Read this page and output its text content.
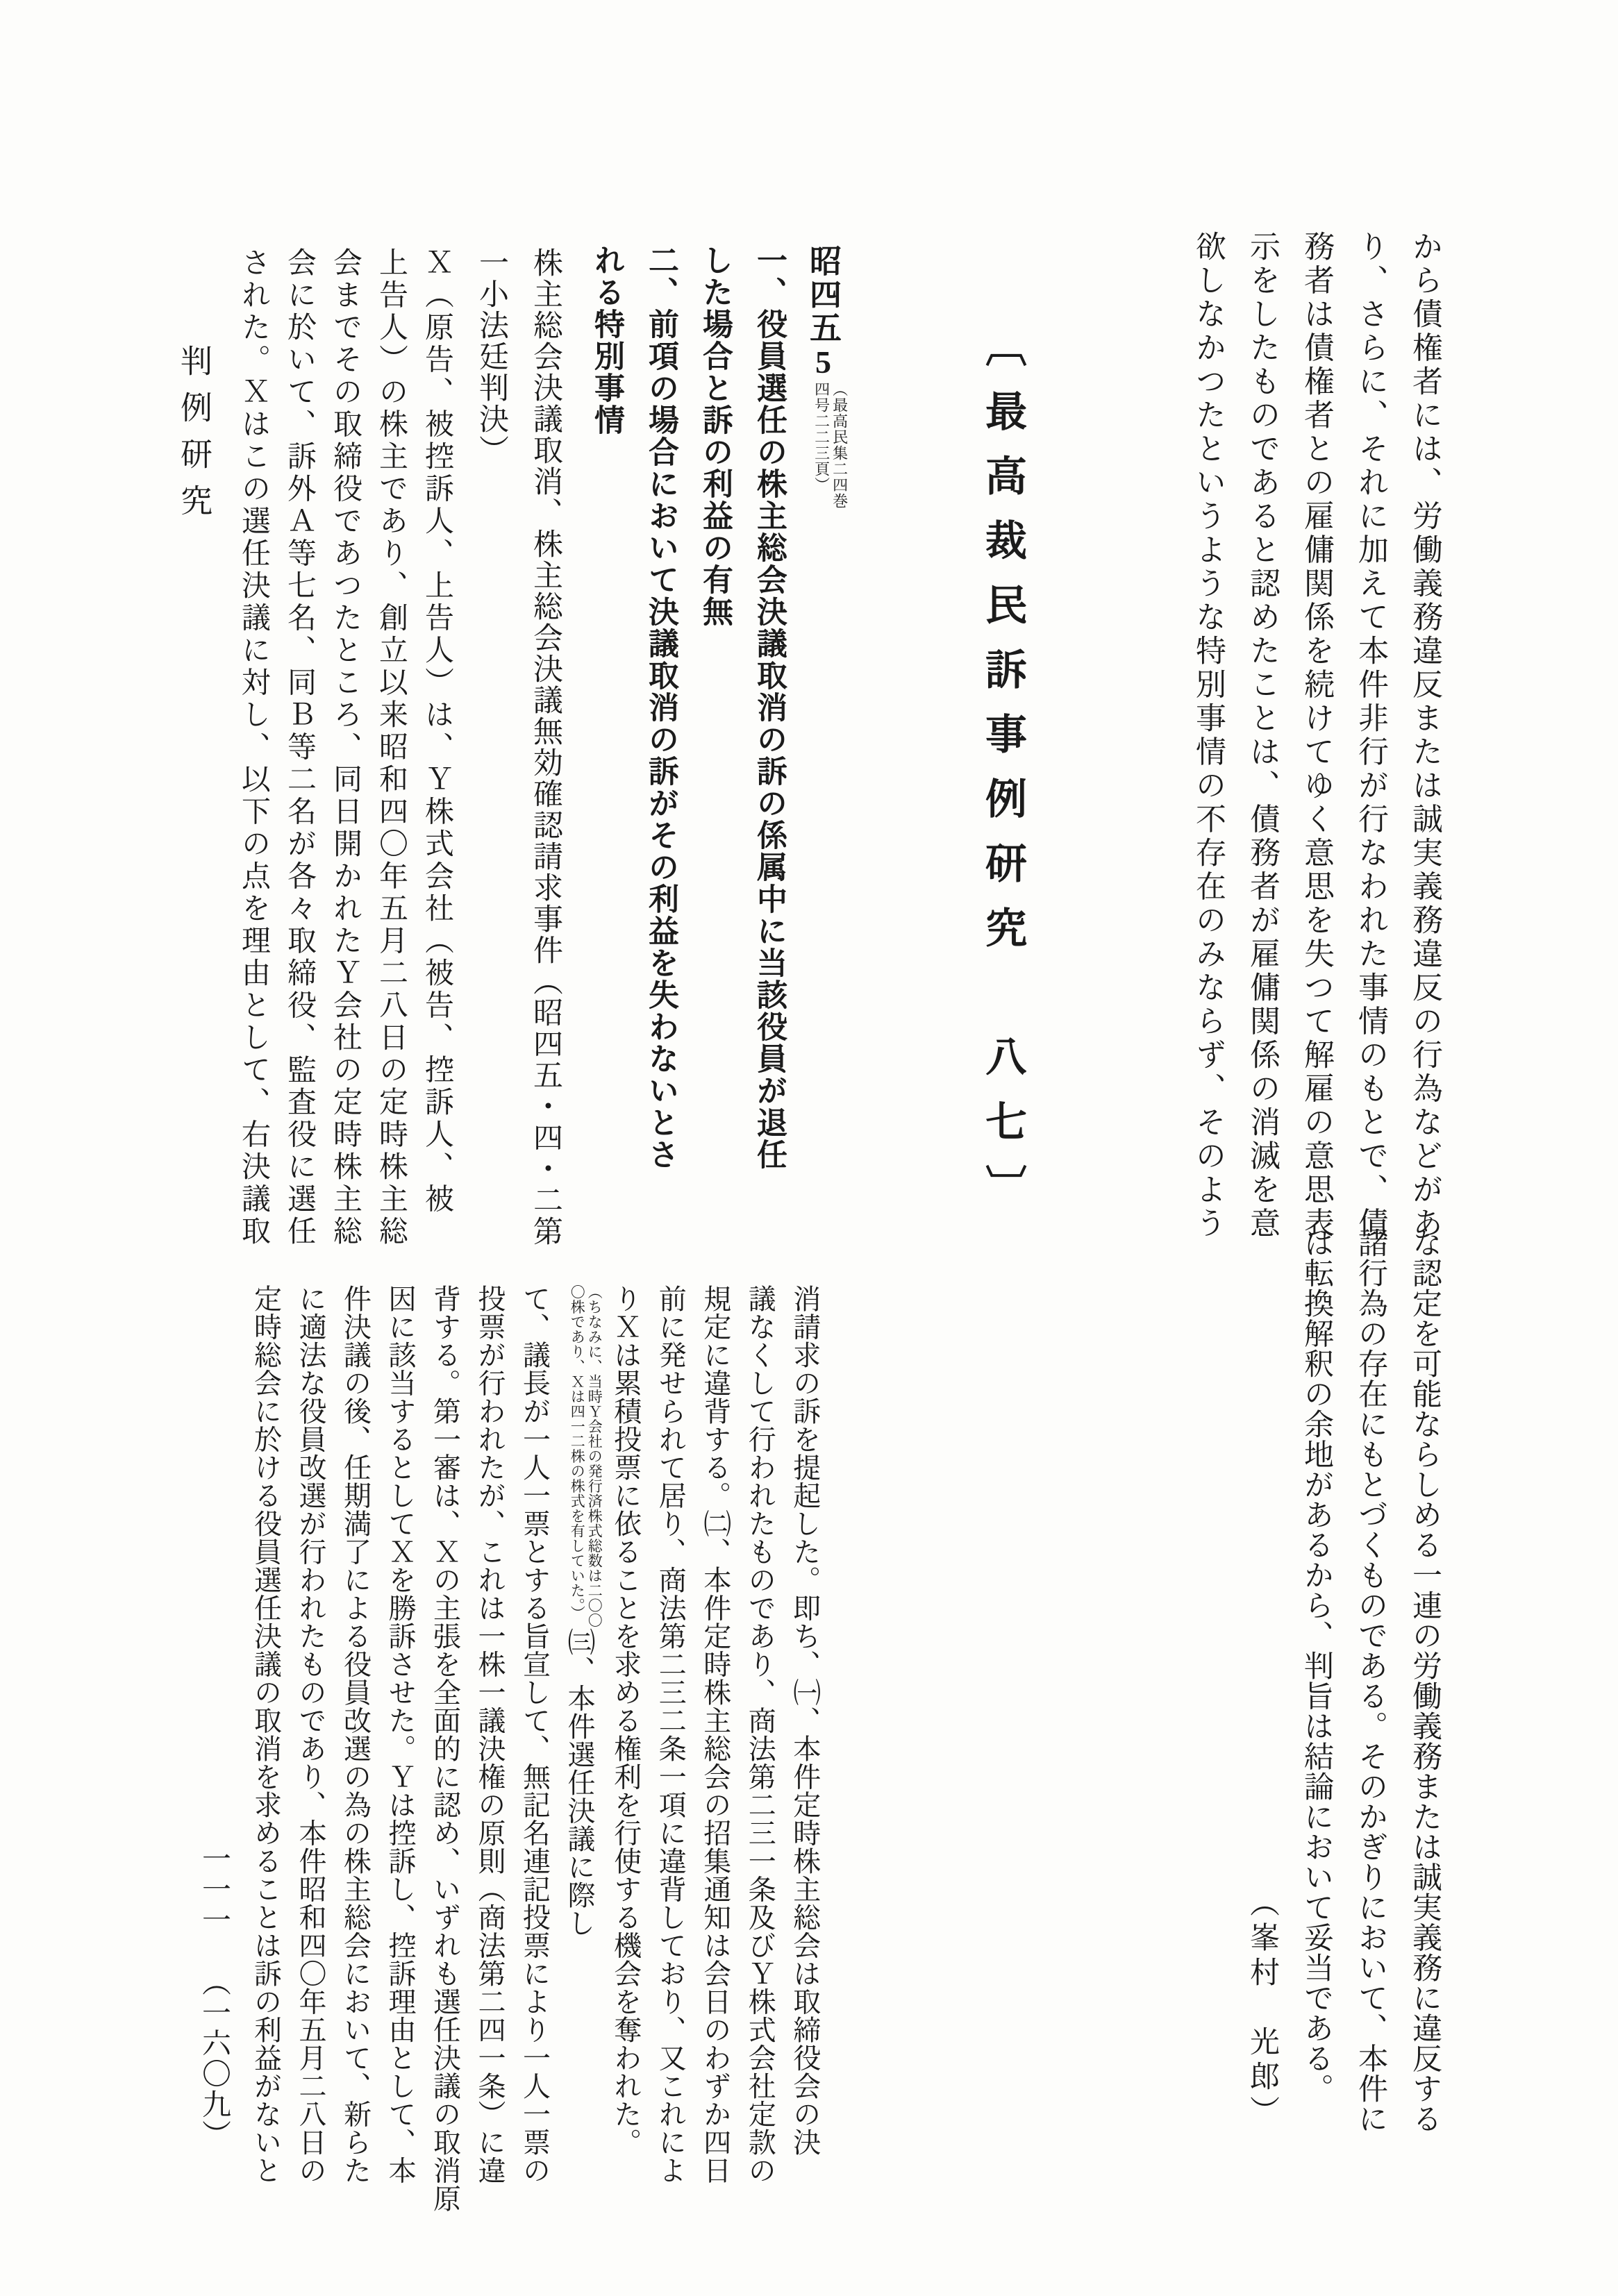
から債権者には、労働義務違反または誠実義務違反の行為などがあ
り、さらに、それに加えて本件非行が行なわれた事情のもとで、債
務者は債権者との雇傭関係を続けてゆく意思を失つて解雇の意思表
示をしたものであると認めたことは、債務者が雇傭関係の消滅を意
欲しなかつたというような特別事情の不存在のみならず、そのよう
な認定を可能ならしめる一連の労働義務または誠実義務に違反する
諸行為の存在にもとづくものである。そのかぎりにおいて、本件に
は転換解釈の余地があるから、判旨は結論において妥当である。
（峯村　光郎）
〔最高裁民訴事例研究　八七〕
昭四五5
（最高民集二四巻
四号二二三頁）
一、役員選任の株主総会決議取消の訴の係属中に当該役員が退任
した場合と訴の利益の有無
二、前項の場合において決議取消の訴がその利益を失わないとさ
れる特別事情
株主総会決議取消、株主総会決議無効確認請求事件（昭四五・四・二第
一小法廷判決）
Ｘ（原告、被控訴人、上告人）は、Ｙ株式会社（被告、控訴人、被
上告人）の株主であり、創立以来昭和四〇年五月二八日の定時株主総
会までその取締役であつたところ、同日開かれたＹ会社の定時株主総
会に於いて、訴外Ａ等七名、同Ｂ等二名が各々取締役、監査役に選任
された。Ｘはこの選任決議に対し、以下の点を理由として、右決議取
判例研究
消請求の訴を提起した。即ち、㈠、本件定時株主総会は取締役会の決
議なくして行われたものであり、商法第二三一条及びＹ株式会社定款の
規定に違背する。㈡、本件定時株主総会の招集通知は会日のわずか四日
前に発せられて居り、商法第二三二条一項に違背しており、又これによ
りＸは累積投票に依ることを求める権利を行使する機会を奪われた。
（ちなみに、当時Ｙ会社の発行済株式総数は二〇〇
〇株であり、Ｘは四一二株の株式を有していた。）
㈢、本件選任決議に際し
て、議長が一人一票とする旨宣して、無記名連記投票により一人一票の
投票が行われたが、これは一株一議決権の原則（商法第二四一条）に違
背する。第一審は、Ｘの主張を全面的に認め、いずれも選任決議の取消原
因に該当するとしてＸを勝訴させた。Ｙは控訴し、控訴理由として、本
件決議の後、任期満了による役員改選の為の株主総会において、新らた
に適法な役員改選が行われたものであり、本件昭和四〇年五月二八日の
定時総会に於ける役員選任決議の取消を求めることは訴の利益がないと
一一一（一六〇九）
